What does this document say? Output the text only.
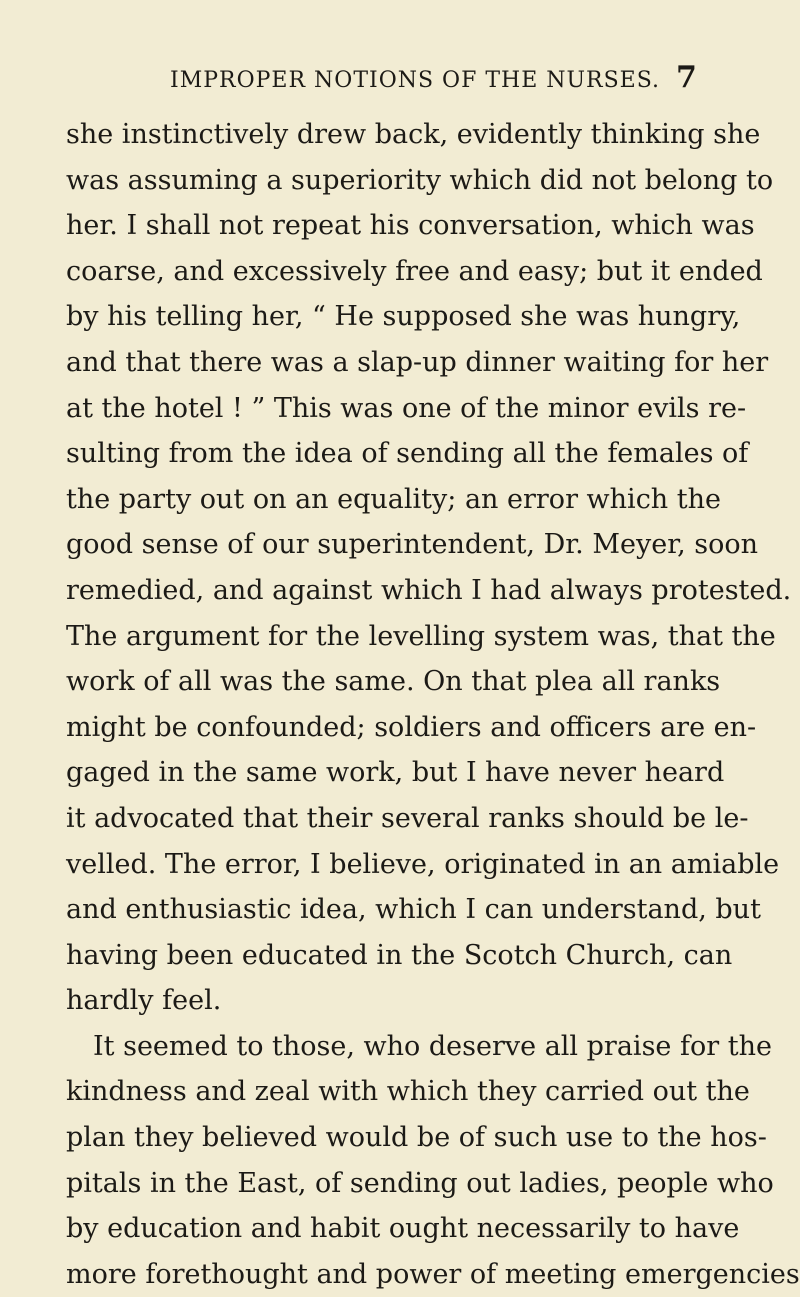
IMPROPER NOTIONS OF THE NURSES. 7
she instinctively drew back, evidently thinking she
was assuming a superiority which did not belong to
her. I shall not repeat his conversation, which was
coarse, and excessively free and easy; but it ended
by his telling her, “ He supposed she was hungry,
and that there was a slap-up dinner waiting for her
at the hotel ! ” This was one of the minor evils re-
sulting from the idea of sending all the females of
the party out on an equality; an error which the
good sense of our superintendent, Dr. Meyer, soon
remedied, and against which I had always protested.
The argument for the levelling system was, that the
work of all was the same. On that plea all ranks
might be confounded; soldiers and officers are en-
gaged in the same work, but I have never heard
it advocated that their several ranks should be le-
velled. The error, I believe, originated in an amiable
and enthusiastic idea, which I can understand, but
having been educated in the Scotch Church, can
hardly feel.
It seemed to those, who deserve all praise for the
kindness and zeal with which they carried out the
plan they believed would be of such use to the hos-
pitals in the East, of sending out ladies, people who
by education and habit ought necessarily to have
more forethought and power of meeting emergencies
